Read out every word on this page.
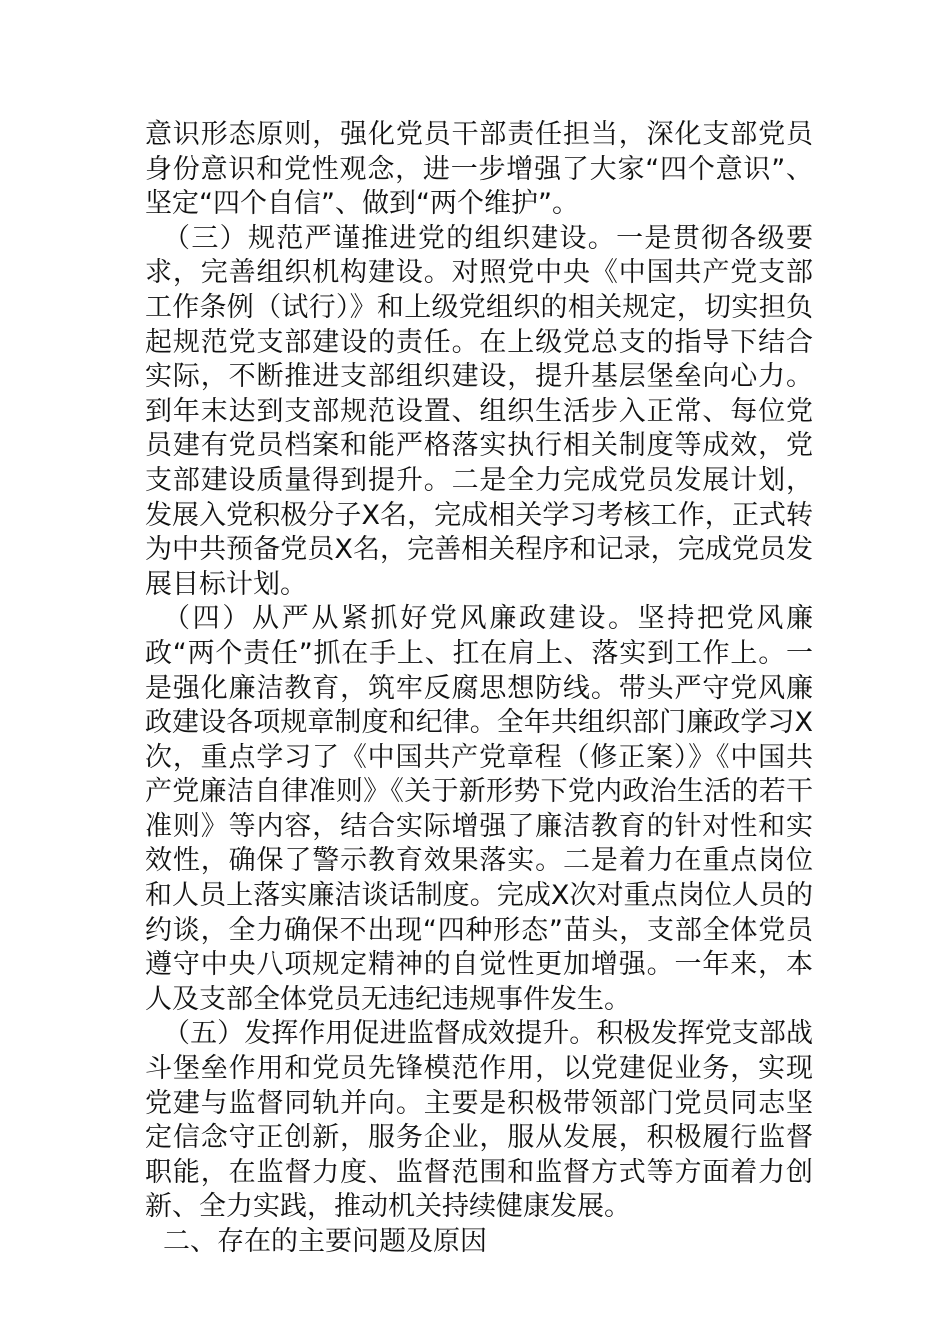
意识形态原则，强化党员干部责任担当，深化支部党员身份意识和党性观念，进一步增强了大家“四个意识”、坚定“四个自信”、做到“两个维护”。

（三）规范严谨推进党的组织建设。一是贯彻各级要求，完善组织机构建设。对照党中央《中国共产党支部工作条例（试行）》和上级党组织的相关规定，切实担负起规范党支部建设的责任。在上级党总支的指导下结合实际，不断推进支部组织建设，提升基层堡垒向心力。到年末达到支部规范设置、组织生活步入正常、每位党员建有党员档案和能严格落实执行相关制度等成效，党支部建设质量得到提升。二是全力完成党员发展计划，发展入党积极分子X名，完成相关学习考核工作，正式转为中共预备党员X名，完善相关程序和记录，完成党员发展目标计划。

（四）从严从紧抓好党风廉政建设。坚持把党风廉政“两个责任”抓在手上、扛在肩上、落实到工作上。一是强化廉洁教育，筑牢反腐思想防线。带头严守党风廉政建设各项规章制度和纪律。全年共组织部门廉政学习X次，重点学习了《中国共产党章程（修正案）》《中国共产党廉洁自律准则》《关于新形势下党内政治生活的若干准则》等内容，结合实际增强了廉洁教育的针对性和实效性，确保了警示教育效果落实。二是着力在重点岗位和人员上落实廉洁谈话制度。完成X次对重点岗位人员的约谈，全力确保不出现“四种形态”苗头，支部全体党员遵守中央八项规定精神的自觉性更加增强。一年来，本人及支部全体党员无违纪违规事件发生。

（五）发挥作用促进监督成效提升。积极发挥党支部战斗堡垒作用和党员先锋模范作用，以党建促业务，实现党建与监督同轨并向。主要是积极带领部门党员同志坚定信念守正创新，服务企业，服从发展，积极履行监督职能，在监督力度、监督范围和监督方式等方面着力创新、全力实践，推动机关持续健康发展。

二、存在的主要问题及原因
